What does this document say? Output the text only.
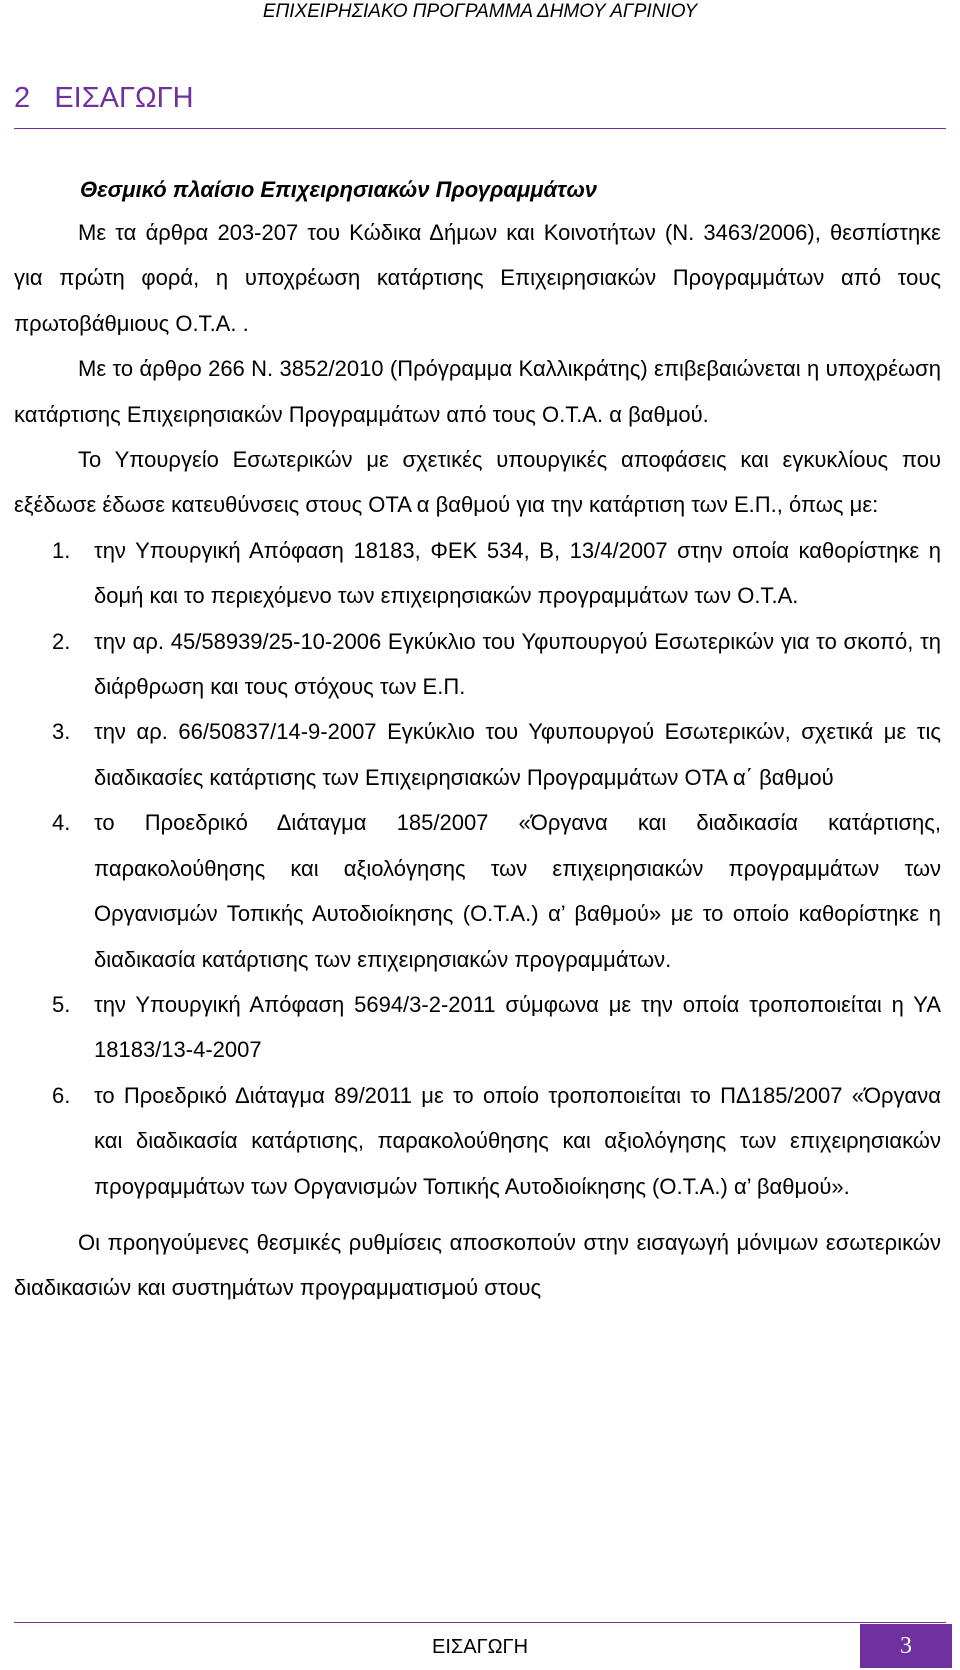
ΕΠΙΧΕΙΡΗΣΙΑΚΟ ΠΡΟΓΡΑΜΜΑ ΔΗΜΟΥ ΑΓΡΙΝΙΟΥ
2 ΕΙΣΑΓΩΓΗ
Θεσμικό πλαίσιο Επιχειρησιακών Προγραμμάτων

Με τα άρθρα 203-207 του Κώδικα Δήμων και Κοινοτήτων (Ν. 3463/2006), θεσπίστηκε για πρώτη φορά, η υποχρέωση κατάρτισης Επιχειρησιακών Προγραμμάτων από τους πρωτοβάθμιους Ο.Τ.Α. .

Με το άρθρο 266 Ν. 3852/2010 (Πρόγραμμα Καλλικράτης) επιβεβαιώνεται η υποχρέωση κατάρτισης Επιχειρησιακών Προγραμμάτων από τους Ο.Τ.Α. α βαθμού.

Το Υπουργείο Εσωτερικών με σχετικές υπουργικές αποφάσεις και εγκυκλίους που εξέδωσε έδωσε κατευθύνσεις στους ΟΤΑ α βαθμού για την κατάρτιση των Ε.Π., όπως με:

1.	την Υπουργική Απόφαση 18183, ΦΕΚ 534, Β, 13/4/2007 στην οποία καθορίστηκε η δομή και το περιεχόμενο των επιχειρησιακών προγραμμάτων των Ο.Τ.Α.
2.	την αρ. 45/58939/25-10-2006 Εγκύκλιο του Υφυπουργού Εσωτερικών για το σκοπό, τη διάρθρωση και τους στόχους των Ε.Π.
3.	την αρ. 66/50837/14-9-2007 Εγκύκλιο του Υφυπουργού Εσωτερικών, σχετικά με τις διαδικασίες κατάρτισης των Επιχειρησιακών Προγραμμάτων ΟΤΑ α΄ βαθμού
4.	το Προεδρικό Διάταγμα 185/2007 «Όργανα και διαδικασία κατάρτισης, παρακολούθησης και αξιολόγησης των επιχειρησιακών προγραμμάτων των Οργανισμών Τοπικής Αυτοδιοίκησης (Ο.Τ.Α.) α’ βαθμού» με το οποίο καθορίστηκε η διαδικασία κατάρτισης των επιχειρησιακών προγραμμάτων.
5.	την Υπουργική Απόφαση 5694/3-2-2011 σύμφωνα με την οποία τροποποιείται η ΥΑ 18183/13-4-2007
6.	το Προεδρικό Διάταγμα 89/2011 με το οποίο τροποποιείται το ΠΔ185/2007 «Όργανα και διαδικασία κατάρτισης, παρακολούθησης και αξιολόγησης των επιχειρησιακών προγραμμάτων των Οργανισμών Τοπικής Αυτοδιοίκησης (Ο.Τ.Α.) α’ βαθμού».

Οι προηγούμενες θεσμικές ρυθμίσεις αποσκοπούν στην εισαγωγή μόνιμων εσωτερικών διαδικασιών και συστημάτων προγραμματισμού στους

ΕΙΣΑΓΩΓΗ	3
